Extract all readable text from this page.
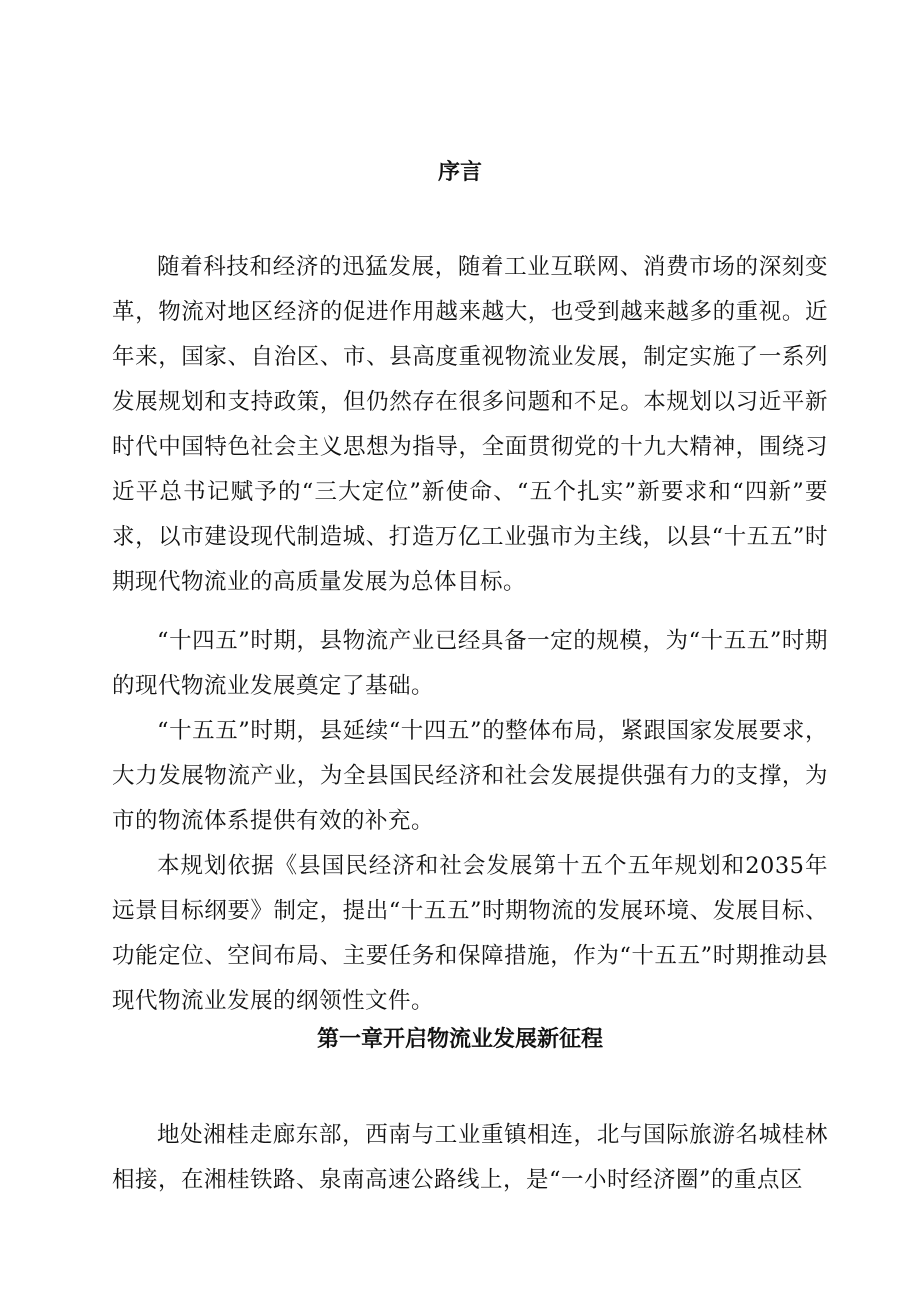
序言

随着科技和经济的迅猛发展，随着工业互联网、消费市场的深刻变革，物流对地区经济的促进作用越来越大，也受到越来越多的重视。近年来，国家、自治区、市、县高度重视物流业发展，制定实施了一系列发展规划和支持政策，但仍然存在很多问题和不足。本规划以习近平新时代中国特色社会主义思想为指导，全面贯彻党的十九大精神，围绕习近平总书记赋予的“三大定位”新使命、“五个扎实”新要求和“四新”要求，以市建设现代制造城、打造万亿工业强市为主线，以县“十五五”时期现代物流业的高质量发展为总体目标。

“十四五”时期，县物流产业已经具备一定的规模，为“十五五”时期的现代物流业发展奠定了基础。

“十五五”时期，县延续“十四五”的整体布局，紧跟国家发展要求，大力发展物流产业，为全县国民经济和社会发展提供强有力的支撑，为市的物流体系提供有效的补充。

本规划依据《县国民经济和社会发展第十五个五年规划和2035年远景目标纲要》制定，提出“十五五”时期物流的发展环境、发展目标、功能定位、空间布局、主要任务和保障措施，作为“十五五”时期推动县现代物流业发展的纲领性文件。

第一章开启物流业发展新征程

地处湘桂走廊东部，西南与工业重镇相连，北与国际旅游名城桂林相接，在湘桂铁路、泉南高速公路线上，是“一小时经济圈”的重点区
